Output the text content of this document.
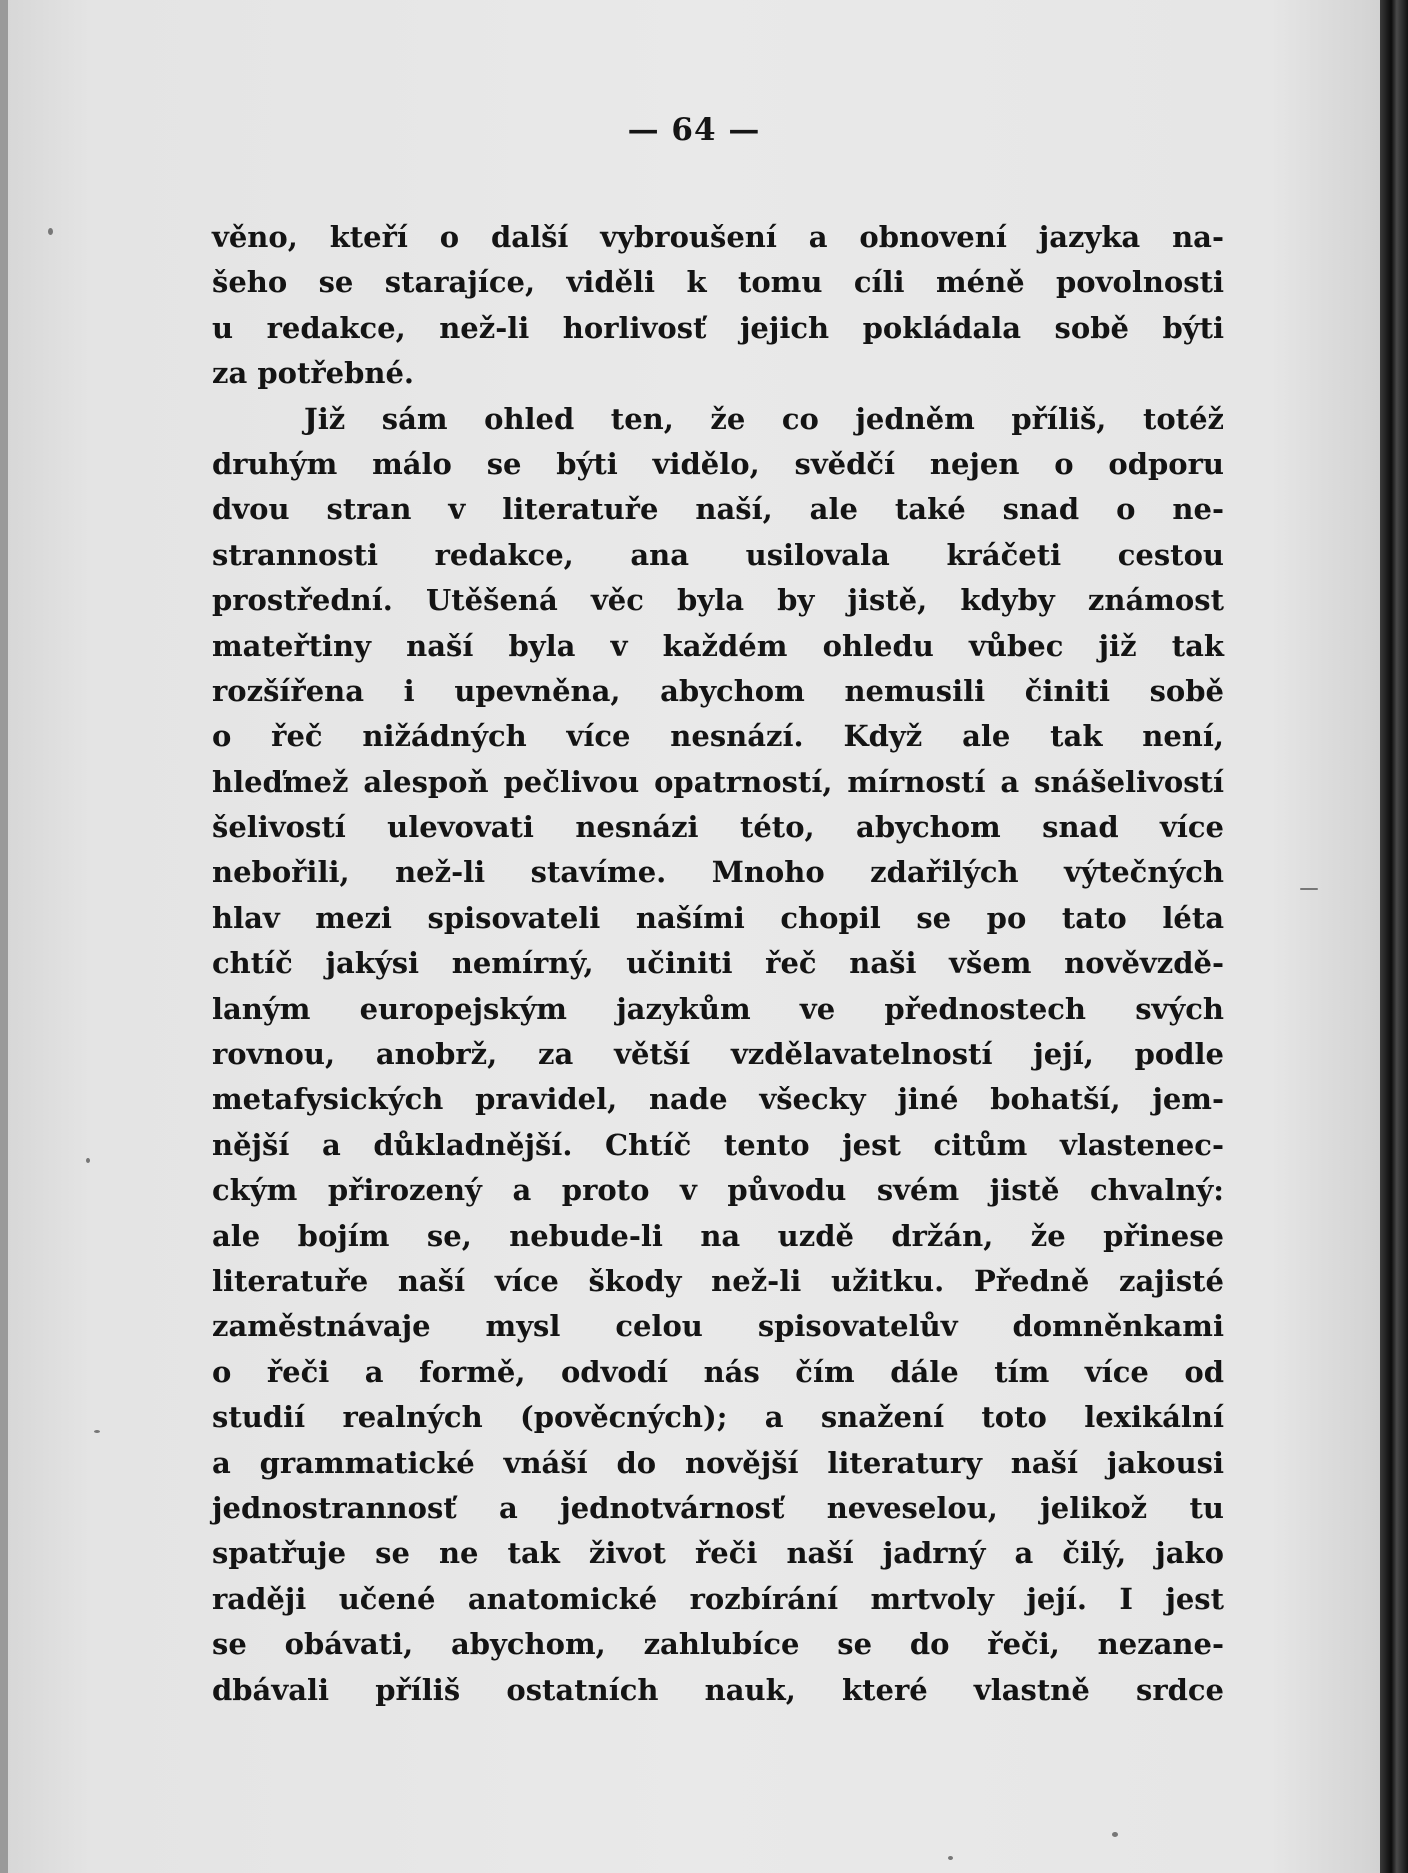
— 64 —
věno, kteří o další vybroušení a obnovení jazyka na-
šeho se starajíce, viděli k tomu cíli méně povolnosti
u redakce, než-li horlivosť jejich pokládala sobě býti
za potřebné.
Již sám ohled ten, že co jedněm příliš, totéž
druhým málo se býti vidělo, svědčí nejen o odporu
dvou stran v literatuře naší, ale také snad o ne-
strannosti redakce, ana usilovala kráčeti cestou
prostřední. Utěšená věc byla by jistě, kdyby známost
mateřtiny naší byla v každém ohledu vůbec již tak
rozšířena i upevněna, abychom nemusili činiti sobě
o řeč nižádných více nesnází. Když ale tak není,
hleďmež alespoň pečlivou opatrností, mírností a snášelivostí
šelivostí ulevovati nesnázi této, abychom snad více
nebořili, než-li stavíme. Mnoho zdařilých výtečných
hlav mezi spisovateli našími chopil se po tato léta
chtíč jakýsi nemírný, učiniti řeč naši všem nověvzdě-
laným europejským jazykům ve přednostech svých
rovnou, anobrž, za větší vzdělavatelností její, podle
metafysických pravidel, nade všecky jiné bohatší, jem-
nější a důkladnější. Chtíč tento jest citům vlastenec-
ckým přirozený a proto v původu svém jistě chvalný:
ale bojím se, nebude-li na uzdě držán, že přinese
literatuře naší více škody než-li užitku. Předně zajisté
zaměstnávaje mysl celou spisovatelův domněnkami
o řeči a formě, odvodí nás čím dále tím více od
studií realných (pověcných); a snažení toto lexikální
a grammatické vnáší do novější literatury naší jakousi
jednostrannosť a jednotvárnosť neveselou, jelikož tu
spatřuje se ne tak život řeči naší jadrný a čilý, jako
raději učené anatomické rozbírání mrtvoly její. I jest
se obávati, abychom, zahlubíce se do řeči, nezane-
dbávali příliš ostatních nauk, které vlastně srdce
